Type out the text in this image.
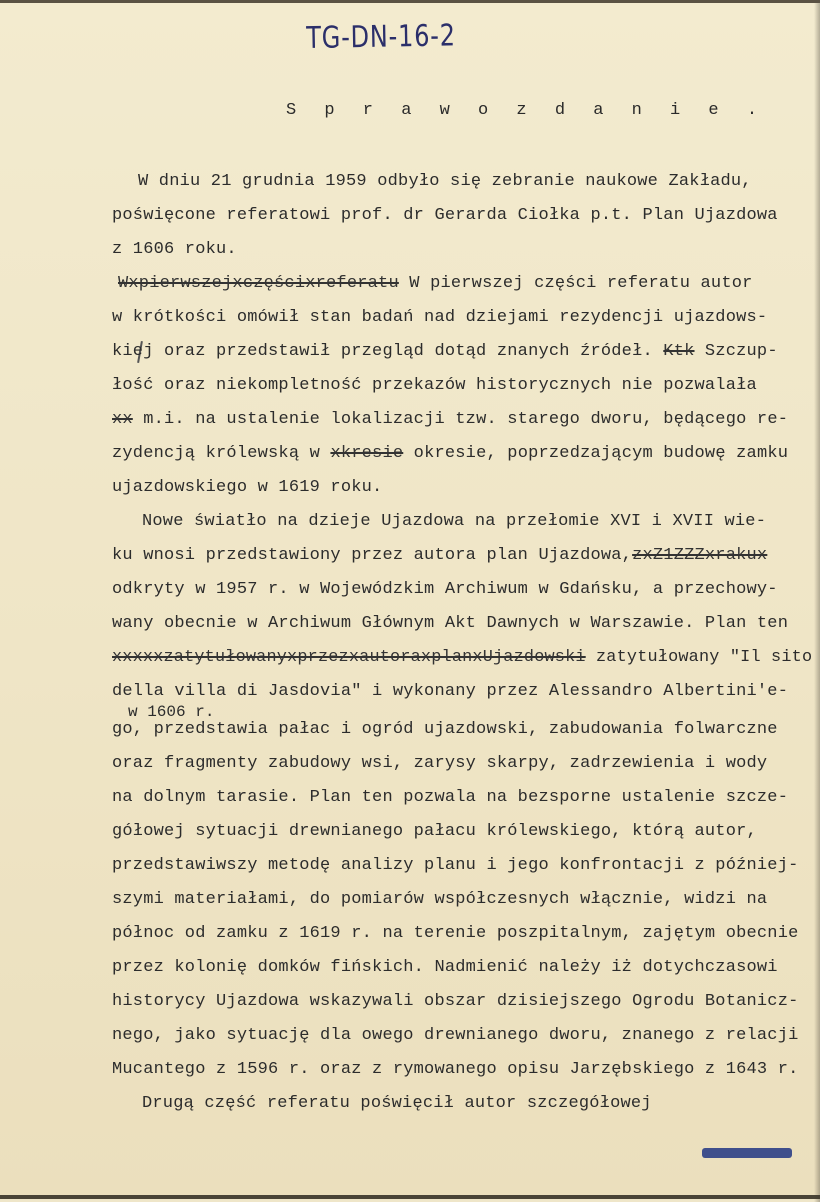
TG-DN-16-2
S p r a w o z d a n i e .
W dniu 21 grudnia 1959 odbyło się zebranie naukowe Zakładu,
poświęcone referatowi prof. dr Gerarda Ciołka p.t. Plan Ujazdowa
z 1606 roku.
Wxpierwszejxczęścixreferatu W pierwszej części referatu autor
w krótkości omówił stan badań nad dziejami rezydencji ujazdows-
kiej oraz przedstawił przegląd dotąd znanych źródeł. Ktk Szczup-
łość oraz niekompletność przekazów historycznych nie pozwalała
xx m.i. na ustalenie lokalizacji tzw. starego dworu, będącego re-
zydencją królewską w xkresie okresie, poprzedzającym budowę zamku
ujazdowskiego w 1619 roku.
Nowe światło na dzieje Ujazdowa na przełomie XVI i XVII wie-
ku wnosi przedstawiony przez autora plan Ujazdowa,zxZ1ZZZxrakux
odkryty w 1957 r. w Wojewódzkim Archiwum w Gdańsku, a przechowy-
wany obecnie w Archiwum Głównym Akt Dawnych w Warszawie. Plan ten
xxxxxzatytułowanyxprzezxautoraxplanxUjazdowski zatytułowany "Il sito
della villa di Jasdovia" i wykonany przez Alessandro Albertini'e-
w 1606 r.
go, przedstawia pałac i ogród ujazdowski, zabudowania folwarczne
oraz fragmenty zabudowy wsi, zarysy skarpy, zadrzewienia i wody
na dolnym tarasie. Plan ten pozwala na bezsporne ustalenie szcze-
gółowej sytuacji drewnianego pałacu królewskiego, którą autor,
przedstawiwszy metodę analizy planu i jego konfrontacji z później-
szymi materiałami, do pomiarów współczesnych włącznie, widzi na
północ od zamku z 1619 r. na terenie poszpitalnym, zajętym obecnie
przez kolonię domków fińskich. Nadmienić należy iż dotychczasowi
historycy Ujazdowa wskazywali obszar dzisiejszego Ogrodu Botanicz-
nego, jako sytuację dla owego drewnianego dworu, znanego z relacji
Mucantego z 1596 r. oraz z rymowanego opisu Jarzębskiego z 1643 r.
Drugą część referatu poświęcił autor szczegółowej
